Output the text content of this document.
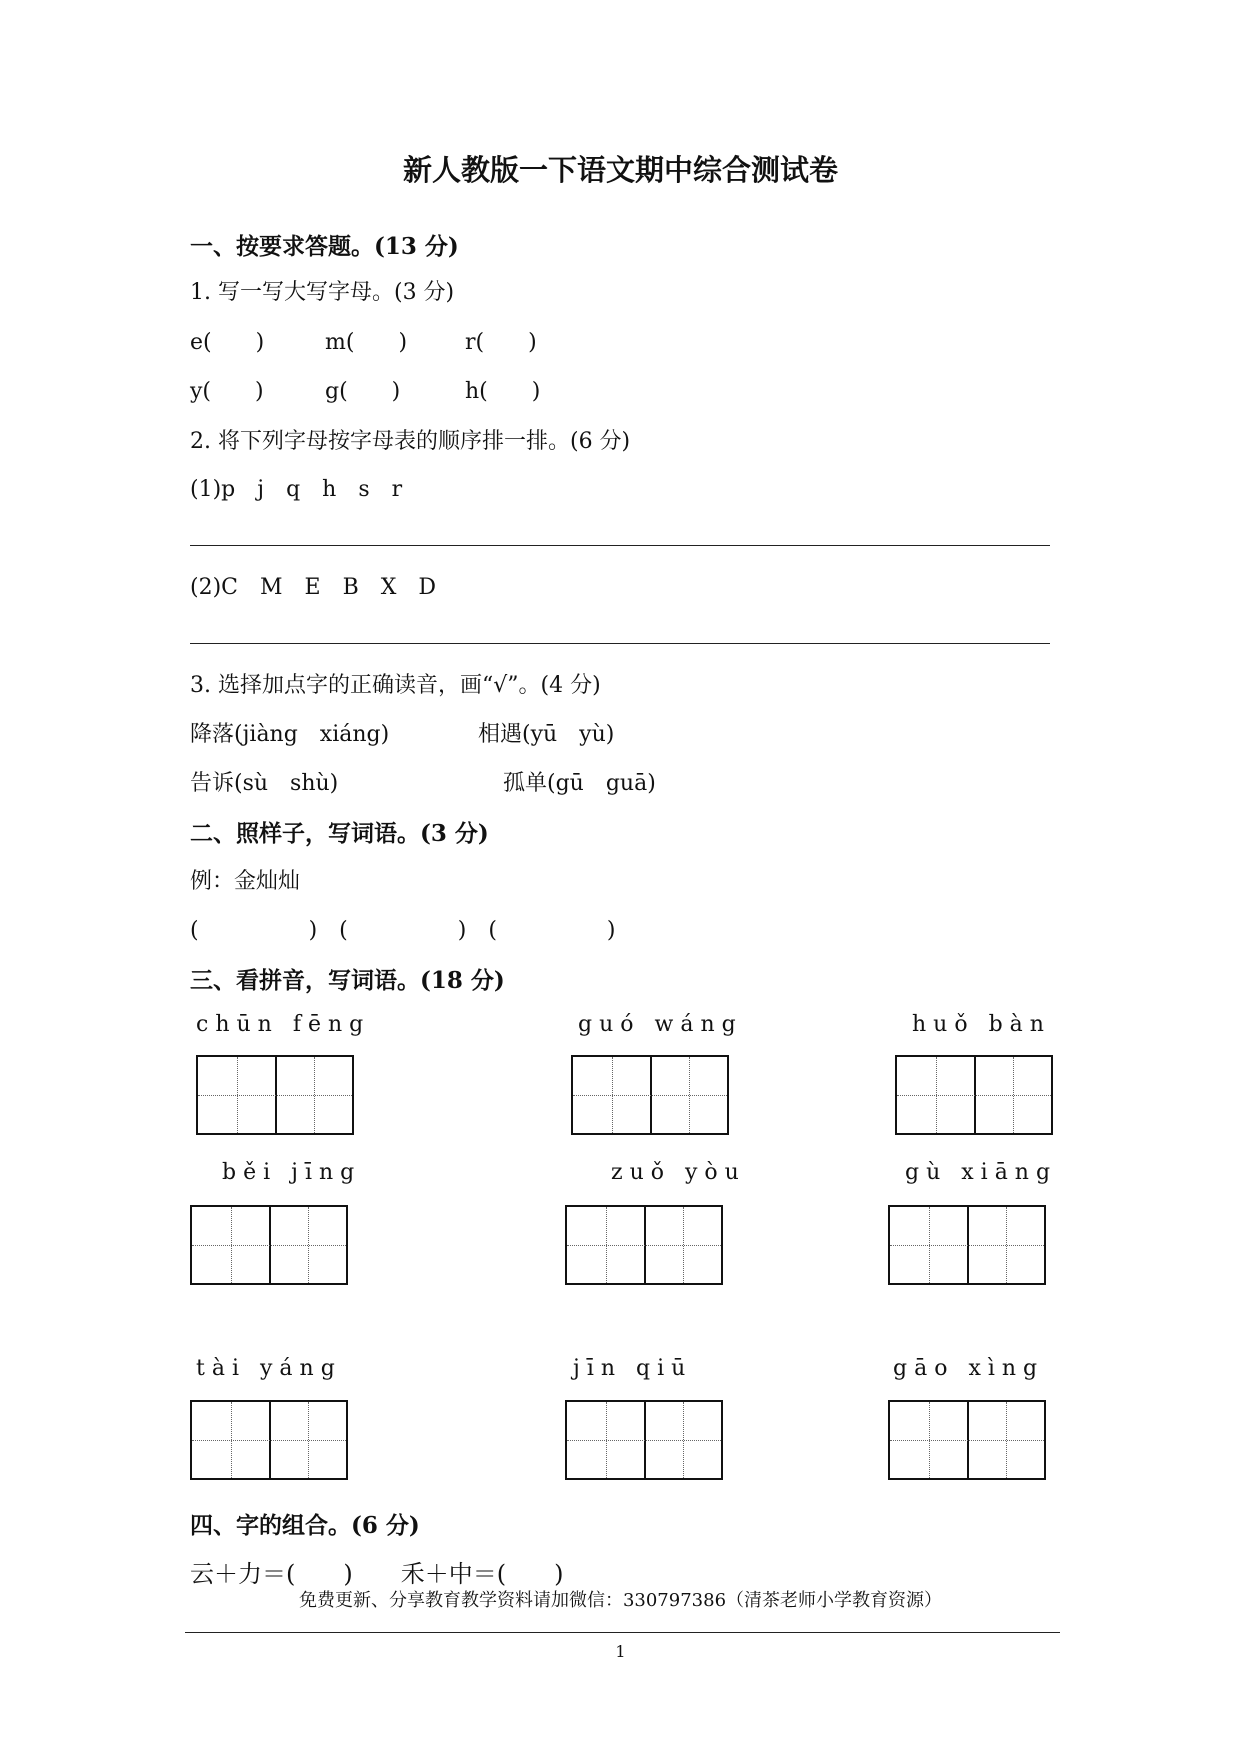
新人教版一下语文期中综合测试卷
一、按要求答题。(13 分)
1. 写一写大写字母。(3 分)
e(　　)	m(　　)	r(　　)
y(　　)	g(　　)	h(　　)
2. 将下列字母按字母表的顺序排一排。(6 分)
(1)p　j　q　h　s　r
(2)C　M　E　B　X　D
3. 选择加点字的正确读音，画“√”。(4 分)
降落(jiàng　xiáng)	相遇(yū　yù)
告诉(sù　shù)	孤单(gū　guā)
二、照样子，写词语。(3 分)
例：金灿灿
(　　　　　)　(　　　　　)　(　　　　　)
三、看拼音，写词语。(18 分)
chūn fēng	guó wáng	huǒ bàn
běi jīng	zuǒ yòu	gù xiāng
tài yáng	jīn qiū	gāo xìng
四、字的组合。(6 分)
云＋力＝(　　)　　禾＋中＝(　　)
免费更新、分享教育教学资料请加微信：330797386（清茶老师小学教育资源）
1
